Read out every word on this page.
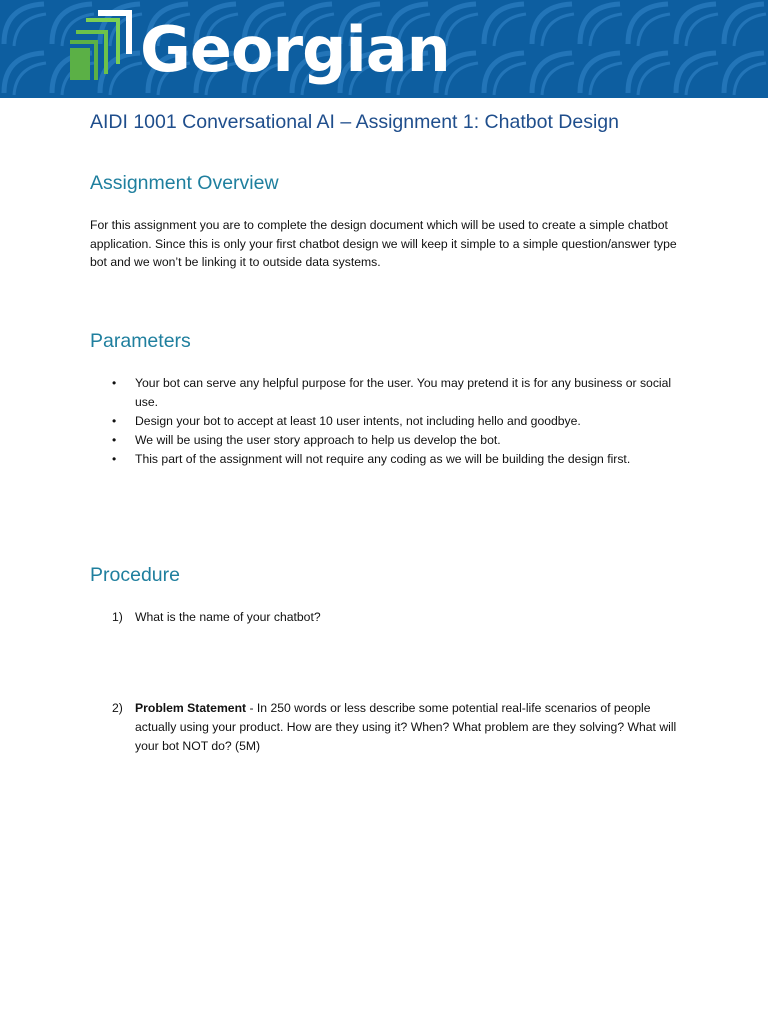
Georgian
AIDI 1001 Conversational AI – Assignment 1: Chatbot Design
Assignment Overview

For this assignment you are to complete the design document which will be used to create a simple chatbot application. Since this is only your first chatbot design we will keep it simple to a simple question/answer type bot and we won’t be linking it to outside data systems.

Parameters
• Your bot can serve any helpful purpose for the user. You may pretend it is for any business or social use.
• Design your bot to accept at least 10 user intents, not including hello and goodbye.
• We will be using the user story approach to help us develop the bot.
• This part of the assignment will not require any coding as we will be building the design first.
Procedure
1) What is the name of your chatbot?
2) Problem Statement - In 250 words or less describe some potential real-life scenarios of people actually using your product. How are they using it? When? What problem are they solving? What will your bot NOT do? (5M)
